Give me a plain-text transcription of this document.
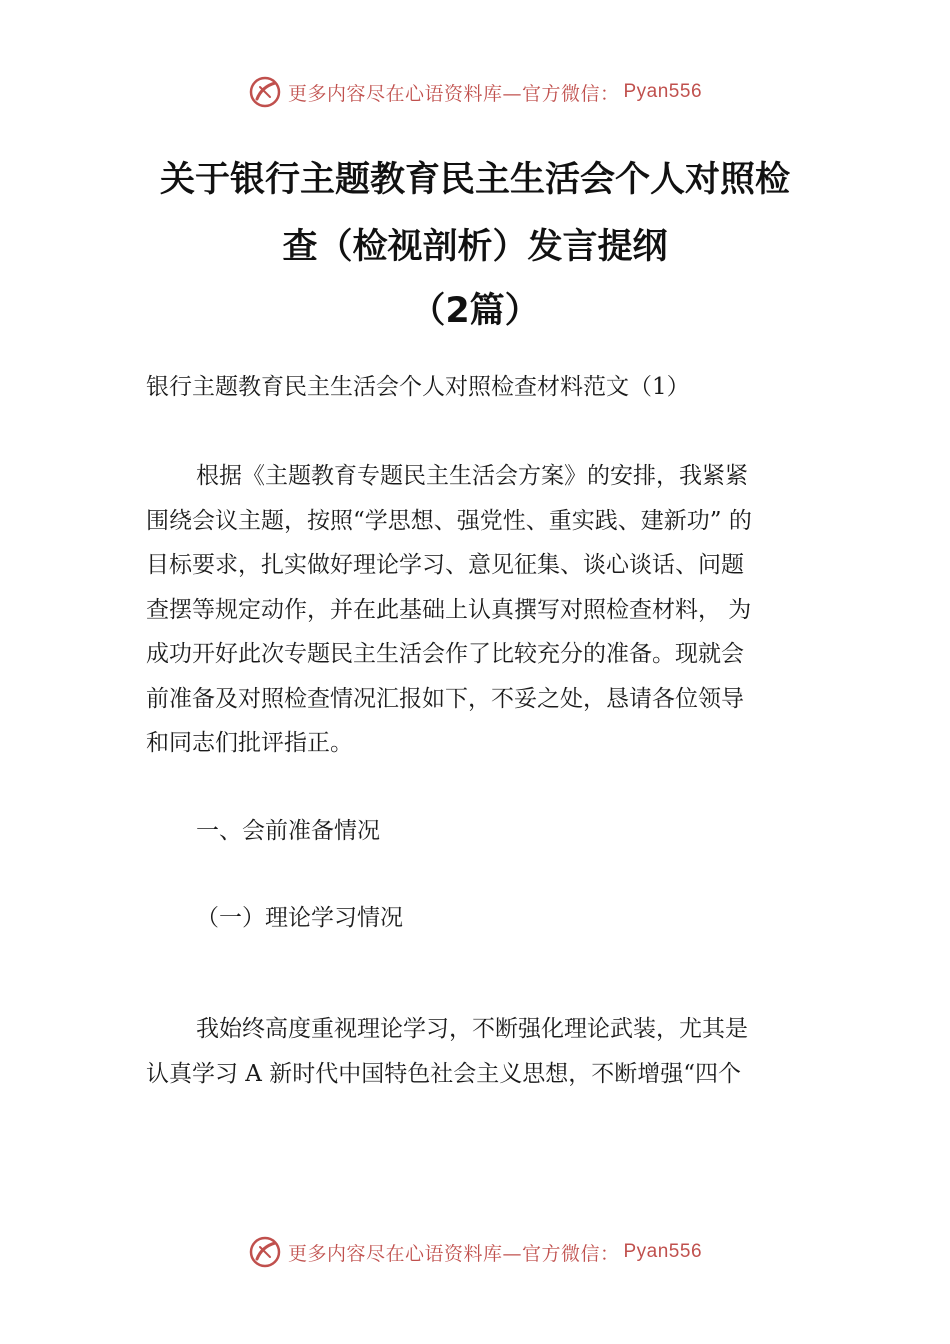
更多内容尽在心语资料库—官方微信： Pyan556
关于银行主题教育民主生活会个人对照检
查（检视剖析）发言提纲
（2篇）
银行主题教育民主生活会个人对照检查材料范文（1）
根据《主题教育专题民主生活会方案》的安排，我紧紧
围绕会议主题，按照“学思想、强党性、重实践、建新功” 的
目标要求，扎实做好理论学习、意见征集、谈心谈话、问题
查摆等规定动作，并在此基础上认真撰写对照检查材料， 为
成功开好此次专题民主生活会作了比较充分的准备。现就会
前准备及对照检查情况汇报如下，不妥之处，恳请各位领导
和同志们批评指正。
一、会前准备情况
（一）理论学习情况
我始终高度重视理论学习，不断强化理论武装，尤其是
认真学习 A 新时代中国特色社会主义思想，不断增强“四个
更多内容尽在心语资料库—官方微信： Pyan556
